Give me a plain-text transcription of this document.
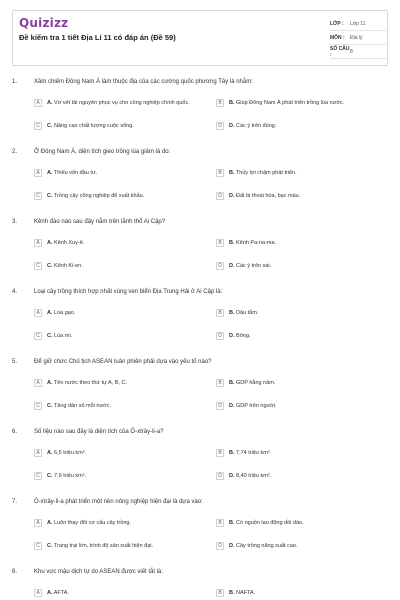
Quizizz
Đề kiểm tra 1 tiết Địa Lí 11 có đáp án (Đề 59)
LỚP :	Lớp 11
MÔN :	Địa lý
SỐ CÂU :	8
1.	Xâm chiếm Đông Nam Á làm thuộc địa của các cường quốc phương Tây là nhằm:
A	A. Vơ vét tài nguyên phục vụ cho công nghiệp chính quốc.	B	B. Giúp Đông Nam Á phát triển trồng lúa nước.
C	C. Nâng cao chất lượng cuộc sống.	D	D. Các ý trên đúng.
2.	Ở Đông Nam Á, diện tích gieo trồng lúa giảm là do:
A	A. Thiếu vốn đầu tư.	B	B. Thủy lợi chậm phát triển.
C	C. Trồng cây công nghiệp để xuất khẩu.	D	D. Đất bị thoái hóa, bạc màu.
3.	Kênh đào nào sau đây nằm trên lãnh thổ Ai Cập?
A	A. Kênh Xuy-ê.	B	B. Kênh Pa-na-ma.
C	C. Kênh Ki-en.	D	D. Các ý trên sai.
4.	Loại cây trồng thích hợp nhất vùng ven biển Địa Trung Hải ở Ai Cập là:
A	A. Lúa gạo.	B	B. Dâu tằm.
C	C. Lúa mì.	D	D. Bông.
5.	Để giữ chức Chủ tịch ASEAN luân phiên phải dựa vào yếu tố nào?
A	A. Tên nước theo thứ tự A, B, C.	B	B. GDP hằng năm.
C	C. Tăng dân số mỗi nước.	D	D. GDP trên người.
6.	Số liệu nào sau đây là diện tích của Ô-xtrây-li-a?
A	A. 6,5 triệu km².	B	B. 7,74 triệu km².
C	C. 7,9 triệu km².	D	D. 8,40 triệu km².
7.	Ô-xtrây-li-a phát triển một nền nông nghiệp hiện đại là dựa vào:
A	A. Luôn thay đổi cơ cấu cây trồng.	B	B. Có nguồn lao động dồi dào.
C	C. Trang trại lớn, trình độ sản xuất hiện đại.	D	D. Cây trồng năng suất cao.
8.	Khu vực mậu dịch tự do ASEAN được viết tắt là:
A	A. AFTA.	B	B. NAFTA.
